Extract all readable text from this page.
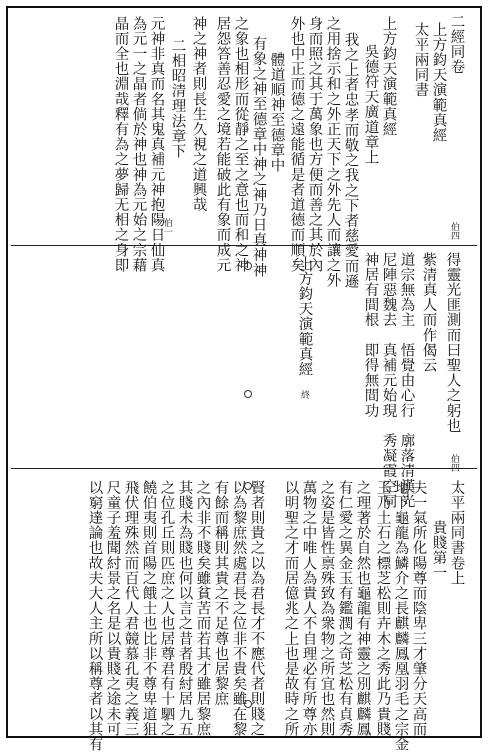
二經同卷
上方鈞天演範真經
太平兩同書
上方鈞天演範真經
吳德符天廣道章上
我之上者忠孝而敬之我之下者慈愛而遜
之用捨示和之外正天下之外先人而讓之外
身而照之其于萬象也方便而善之其於內
外也中正而德之遠能循是者道德而順矣
體道順神至德章中
有象之神至德章中神之神乃日真神神
之象也相形而從靜之至之意也而和之神
居怨答善忍愛之境若能破此有象而成元
神之神者則長生久視之道興哉
二相昭清理法章下
元神非真而名其鬼真補元神抱陽日仙真
為元一之晶者倘於神也神為元始之宗藉
晶而全也淵哉釋有為之夢歸无相之身即	伯四
伯一
得靈光匪測而曰聖人之躬也
紫清真人而作偈云
道宗無為主　悟覺由心行　廓落清漢光
尼陣惡魏去　真補元始現　秀凝霞空同
神居有間根　即得無間功
上方鈞天演範真經
終
伯四
太平兩同書卷上
貴賤第一
夫一氣所化陽尊而陰卑三才肇分天高而
地下龜龍為鱗介之長麒麟鳳凰羽毛之宗金
玉乃土石之標芝松則卉木之秀此乃貴賤
之理著於自然也龜龍有神靈之別麒麟鳳
有仁愛之異金玉有鑑潤之奇芝松有貞秀
之姿是皆性禀殊致為衆物之所宜也然則
萬物之中唯人為貴人不自理必有所尊亦
以明聖之才而居億兆之上也是故時之所
賢者則貴之以為君長才不應代者則賤之
以為黎庶然處君長之位非不貴矣雖在黎
有餘而稱則其貴之不足尊也居黎庶
之內非不賤矣雖貧苦而若其才雖居黎庶
其賤未為賤也何以言之昔者殷紂居九五
之位孔丘則匹庶之人也居尊君有十駟之
饒伯夷則首陽之餓士也比非不尊卑道狙
飛伏理殊然而百代人君競慕孔夷之義三
尺童子羞聞紂景之名是以貴賤之途未可
以窮達論也故夫大人主所以稱尊者以其有
